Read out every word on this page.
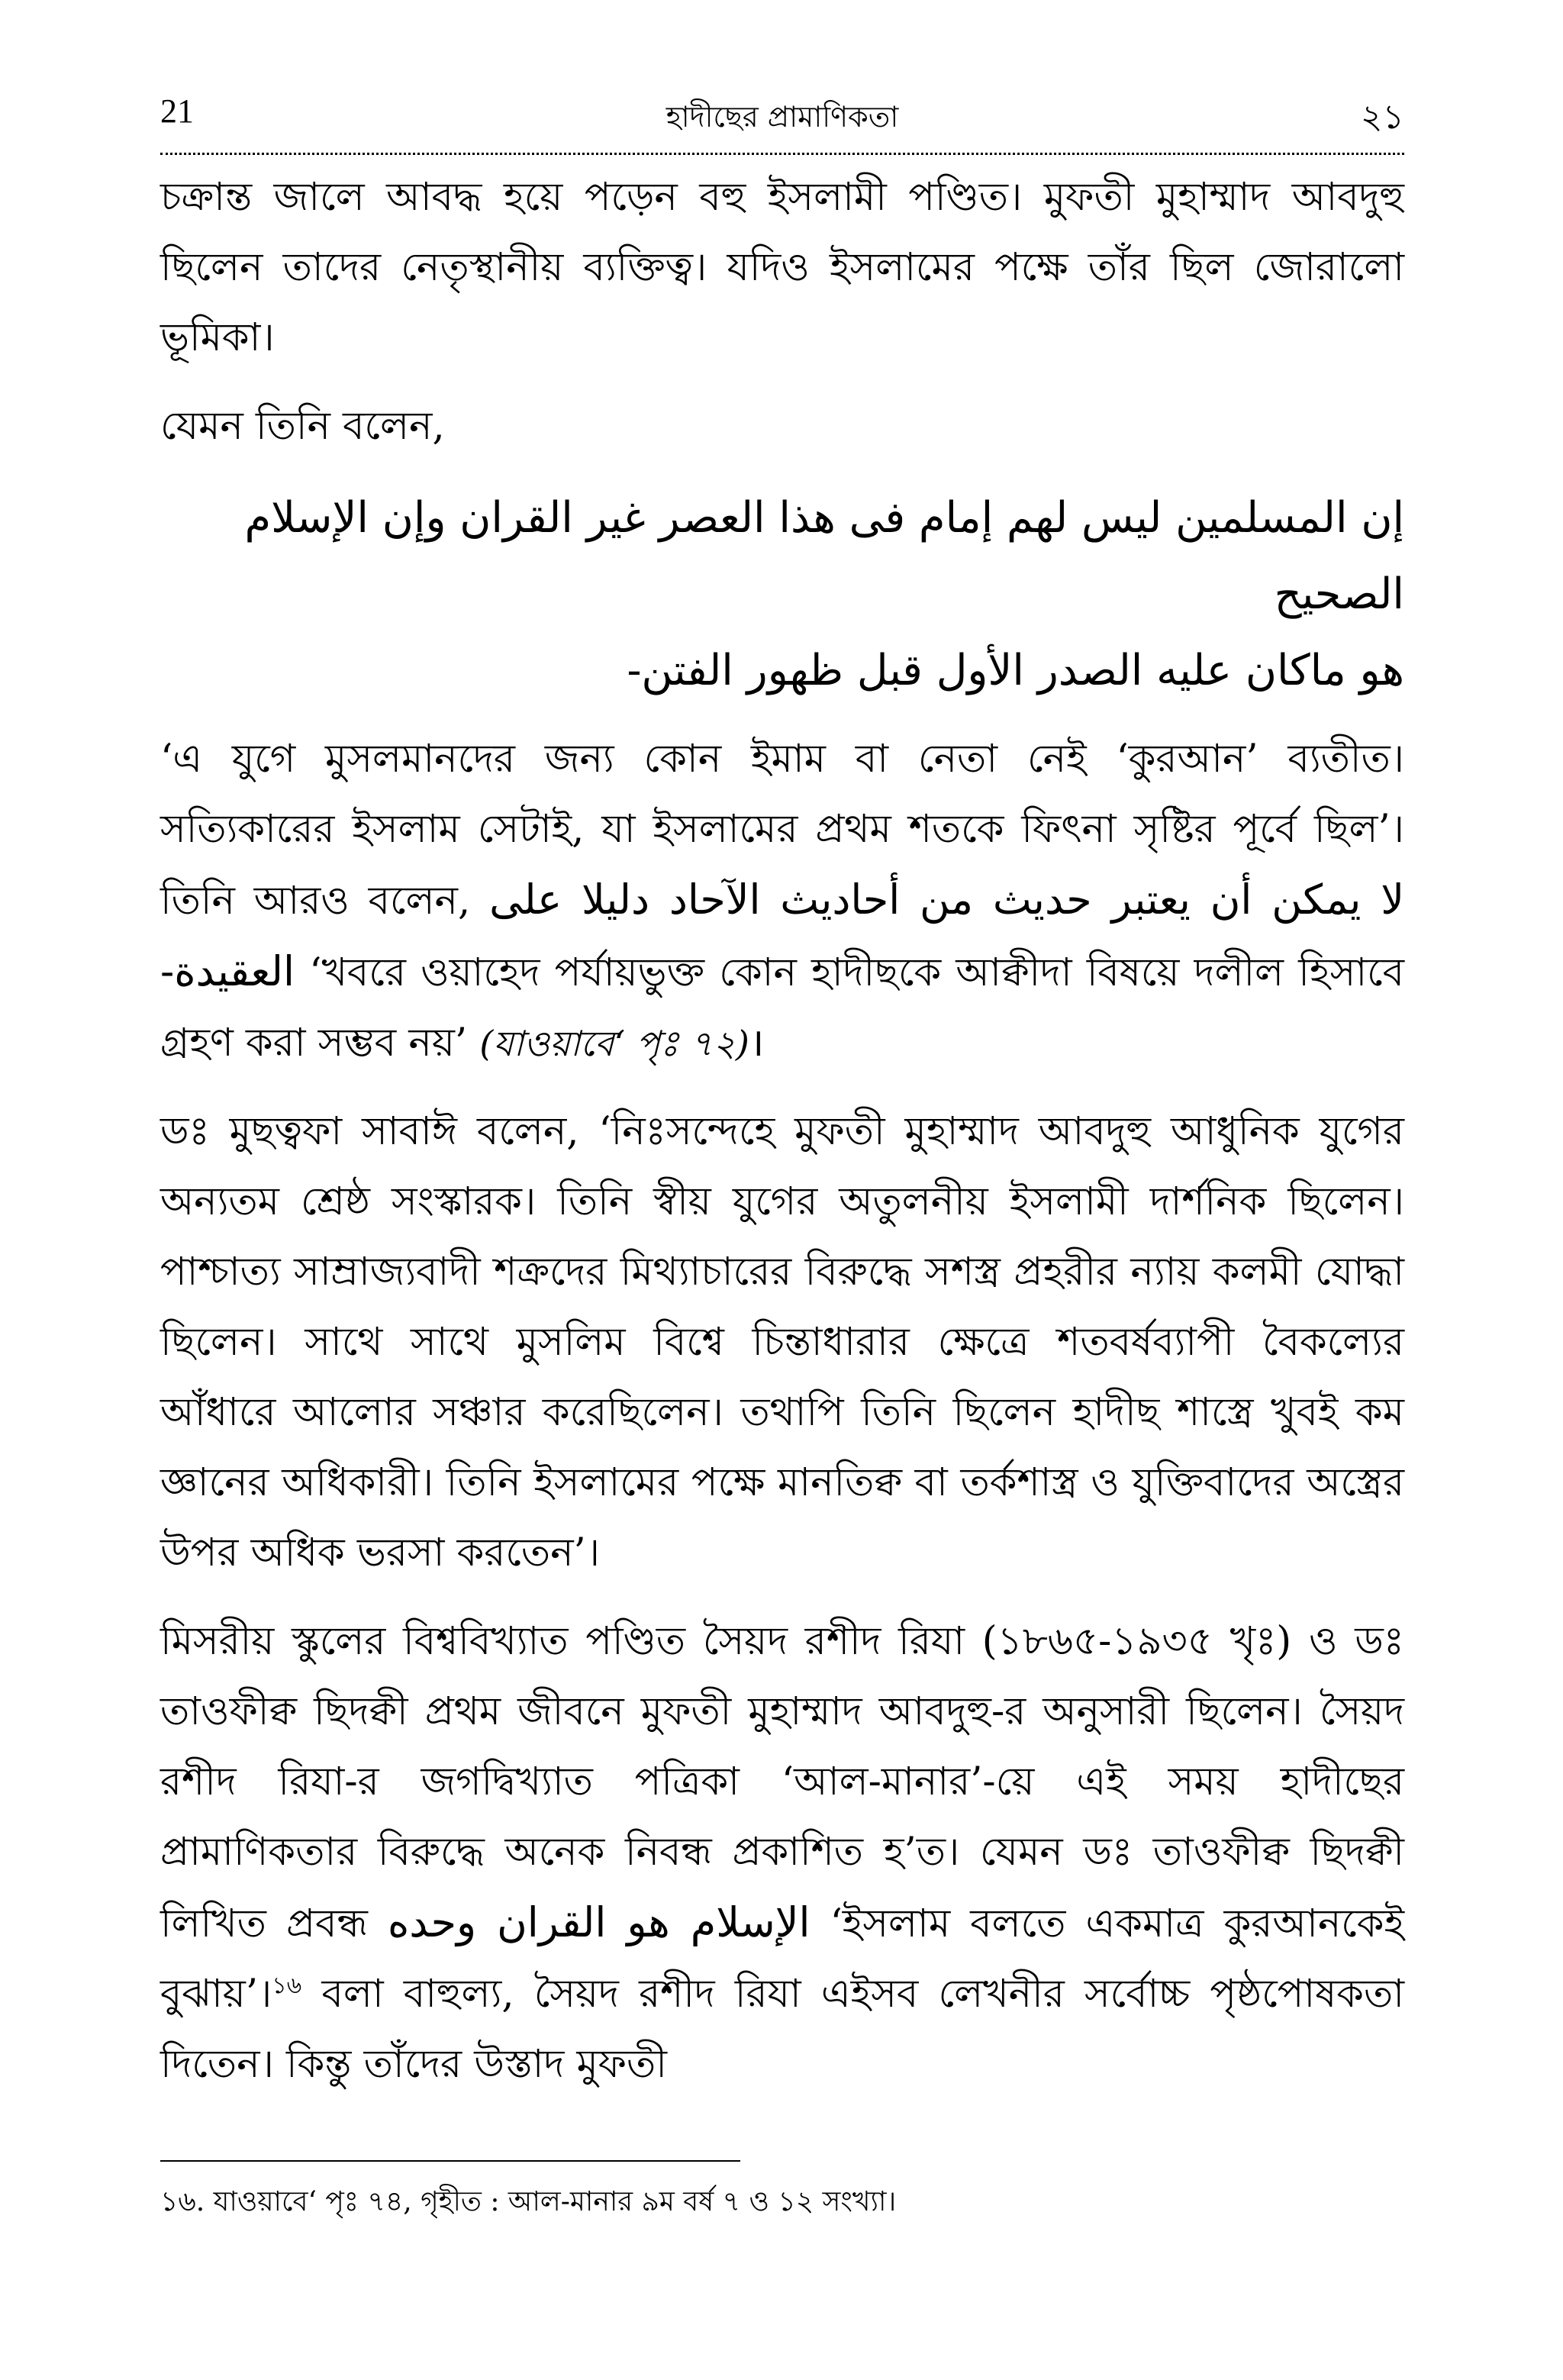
21	হাদীছের প্রামাণিকতা	২১

চক্রান্ত জালে আবদ্ধ হয়ে পড়েন বহু ইসলামী পণ্ডিত। মুফতী মুহাম্মাদ আবদুহু ছিলেন তাদের নেতৃস্থানীয় ব্যক্তিত্ব। যদিও ইসলামের পক্ষে তাঁর ছিল জোরালো ভূমিকা।

যেমন তিনি বলেন,

إن المسلمين ليس لهم إمام فى هذا العصر غير القران وإن الإسلام الصحيح
هو ماكان عليه الصدر الأول قبل ظهور الفتن-

‘এ যুগে মুসলমানদের জন্য কোন ইমাম বা নেতা নেই ‘কুরআন’ ব্যতীত। সত্যিকারের ইসলাম সেটাই, যা ইসলামের প্রথম শতকে ফিৎনা সৃষ্টির পূর্বে ছিল’। তিনি আরও বলেন, لا يمكن أن يعتبر حديث من أحاديث الآحاد دليلا على العقيدة- ‘খবরে ওয়াহেদ পর্যায়ভুক্ত কোন হাদীছকে আক্বীদা বিষয়ে দলীল হিসাবে গ্রহণ করা সম্ভব নয়’ (যাওয়াবে‘ পৃঃ ৭২)।

ডঃ মুছত্বফা সাবাঈ বলেন, ‘নিঃসন্দেহে মুফতী মুহাম্মাদ আবদুহু আধুনিক যুগের অন্যতম শ্রেষ্ঠ সংস্কারক। তিনি স্বীয় যুগের অতুলনীয় ইসলামী দার্শনিক ছিলেন। পাশ্চাত্য সাম্রাজ্যবাদী শক্রদের মিথ্যাচারের বিরুদ্ধে সশস্ত্র প্রহরীর ন্যায় কলমী যোদ্ধা ছিলেন। সাথে সাথে মুসলিম বিশ্বে চিন্তাধারার ক্ষেত্রে শতবর্ষব্যাপী বৈকল্যের আঁধারে আলোর সঞ্চার করেছিলেন। তথাপি তিনি ছিলেন হাদীছ শাস্ত্রে খুবই কম জ্ঞানের অধিকারী। তিনি ইসলামের পক্ষে মানতিক্ব বা তর্কশাস্ত্র ও যুক্তিবাদের অস্ত্রের উপর অধিক ভরসা করতেন’।

মিসরীয় স্কুলের বিশ্ববিখ্যাত পণ্ডিত সৈয়দ রশীদ রিযা (১৮৬৫-১৯৩৫ খৃঃ) ও ডঃ তাওফীক্ব ছিদক্বী প্রথম জীবনে মুফতী মুহাম্মাদ আবদুহু-র অনুসারী ছিলেন। সৈয়দ রশীদ রিযা-র জগদ্বিখ্যাত পত্রিকা ‘আল-মানার’-য়ে এই সময় হাদীছের প্রামাণিকতার বিরুদ্ধে অনেক নিবন্ধ প্রকাশিত হ’ত। যেমন ডঃ তাওফীক্ব ছিদক্বী লিখিত প্রবন্ধ الإسلام هو القران وحده ‘ইসলাম বলতে একমাত্র কুরআনকেই বুঝায়’।$^{১৬}$ বলা বাহুল্য, সৈয়দ রশীদ রিযা এইসব লেখনীর সর্বোচ্চ পৃষ্ঠপোষকতা দিতেন। কিন্তু তাঁদের উস্তাদ মুফতী

১৬. যাওয়াবে‘ পৃঃ ৭৪, গৃহীত : আল-মানার ৯ম বর্ষ ৭ ও ১২ সংখ্যা।
